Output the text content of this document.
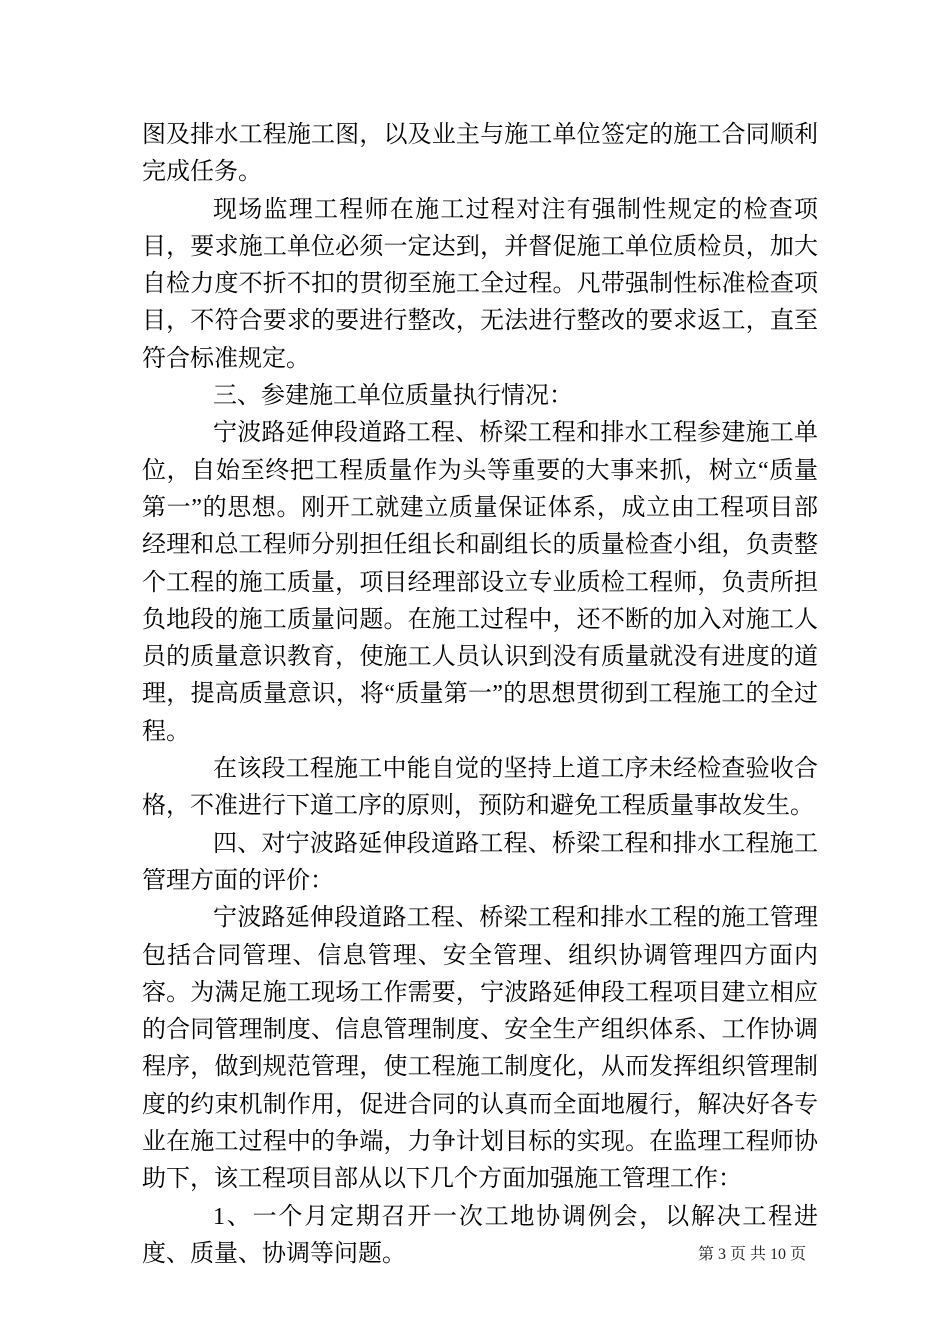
图及排水工程施工图，以及业主与施工单位签定的施工合同顺利完成任务。

现场监理工程师在施工过程对注有强制性规定的检查项目，要求施工单位必须一定达到，并督促施工单位质检员，加大自检力度不折不扣的贯彻至施工全过程。凡带强制性标准检查项目，不符合要求的要进行整改，无法进行整改的要求返工，直至符合标准规定。

三、参建施工单位质量执行情况：

宁波路延伸段道路工程、桥梁工程和排水工程参建施工单位，自始至终把工程质量作为头等重要的大事来抓，树立“质量第一”的思想。刚开工就建立质量保证体系，成立由工程项目部经理和总工程师分别担任组长和副组长的质量检查小组，负责整个工程的施工质量，项目经理部设立专业质检工程师，负责所担负地段的施工质量问题。在施工过程中，还不断的加入对施工人员的质量意识教育，使施工人员认识到没有质量就没有进度的道理，提高质量意识，将“质量第一”的思想贯彻到工程施工的全过程。

在该段工程施工中能自觉的坚持上道工序未经检查验收合格，不准进行下道工序的原则，预防和避免工程质量事故发生。

四、对宁波路延伸段道路工程、桥梁工程和排水工程施工管理方面的评价：

宁波路延伸段道路工程、桥梁工程和排水工程的施工管理包括合同管理、信息管理、安全管理、组织协调管理四方面内容。为满足施工现场工作需要，宁波路延伸段工程项目建立相应的合同管理制度、信息管理制度、安全生产组织体系、工作协调程序，做到规范管理，使工程施工制度化，从而发挥组织管理制度的约束机制作用，促进合同的认真而全面地履行，解决好各专业在施工过程中的争端，力争计划目标的实现。在监理工程师协助下，该工程项目部从以下几个方面加强施工管理工作：

1、一个月定期召开一次工地协调例会，以解决工程进度、质量、协调等问题。	第 3 页 共 10 页
